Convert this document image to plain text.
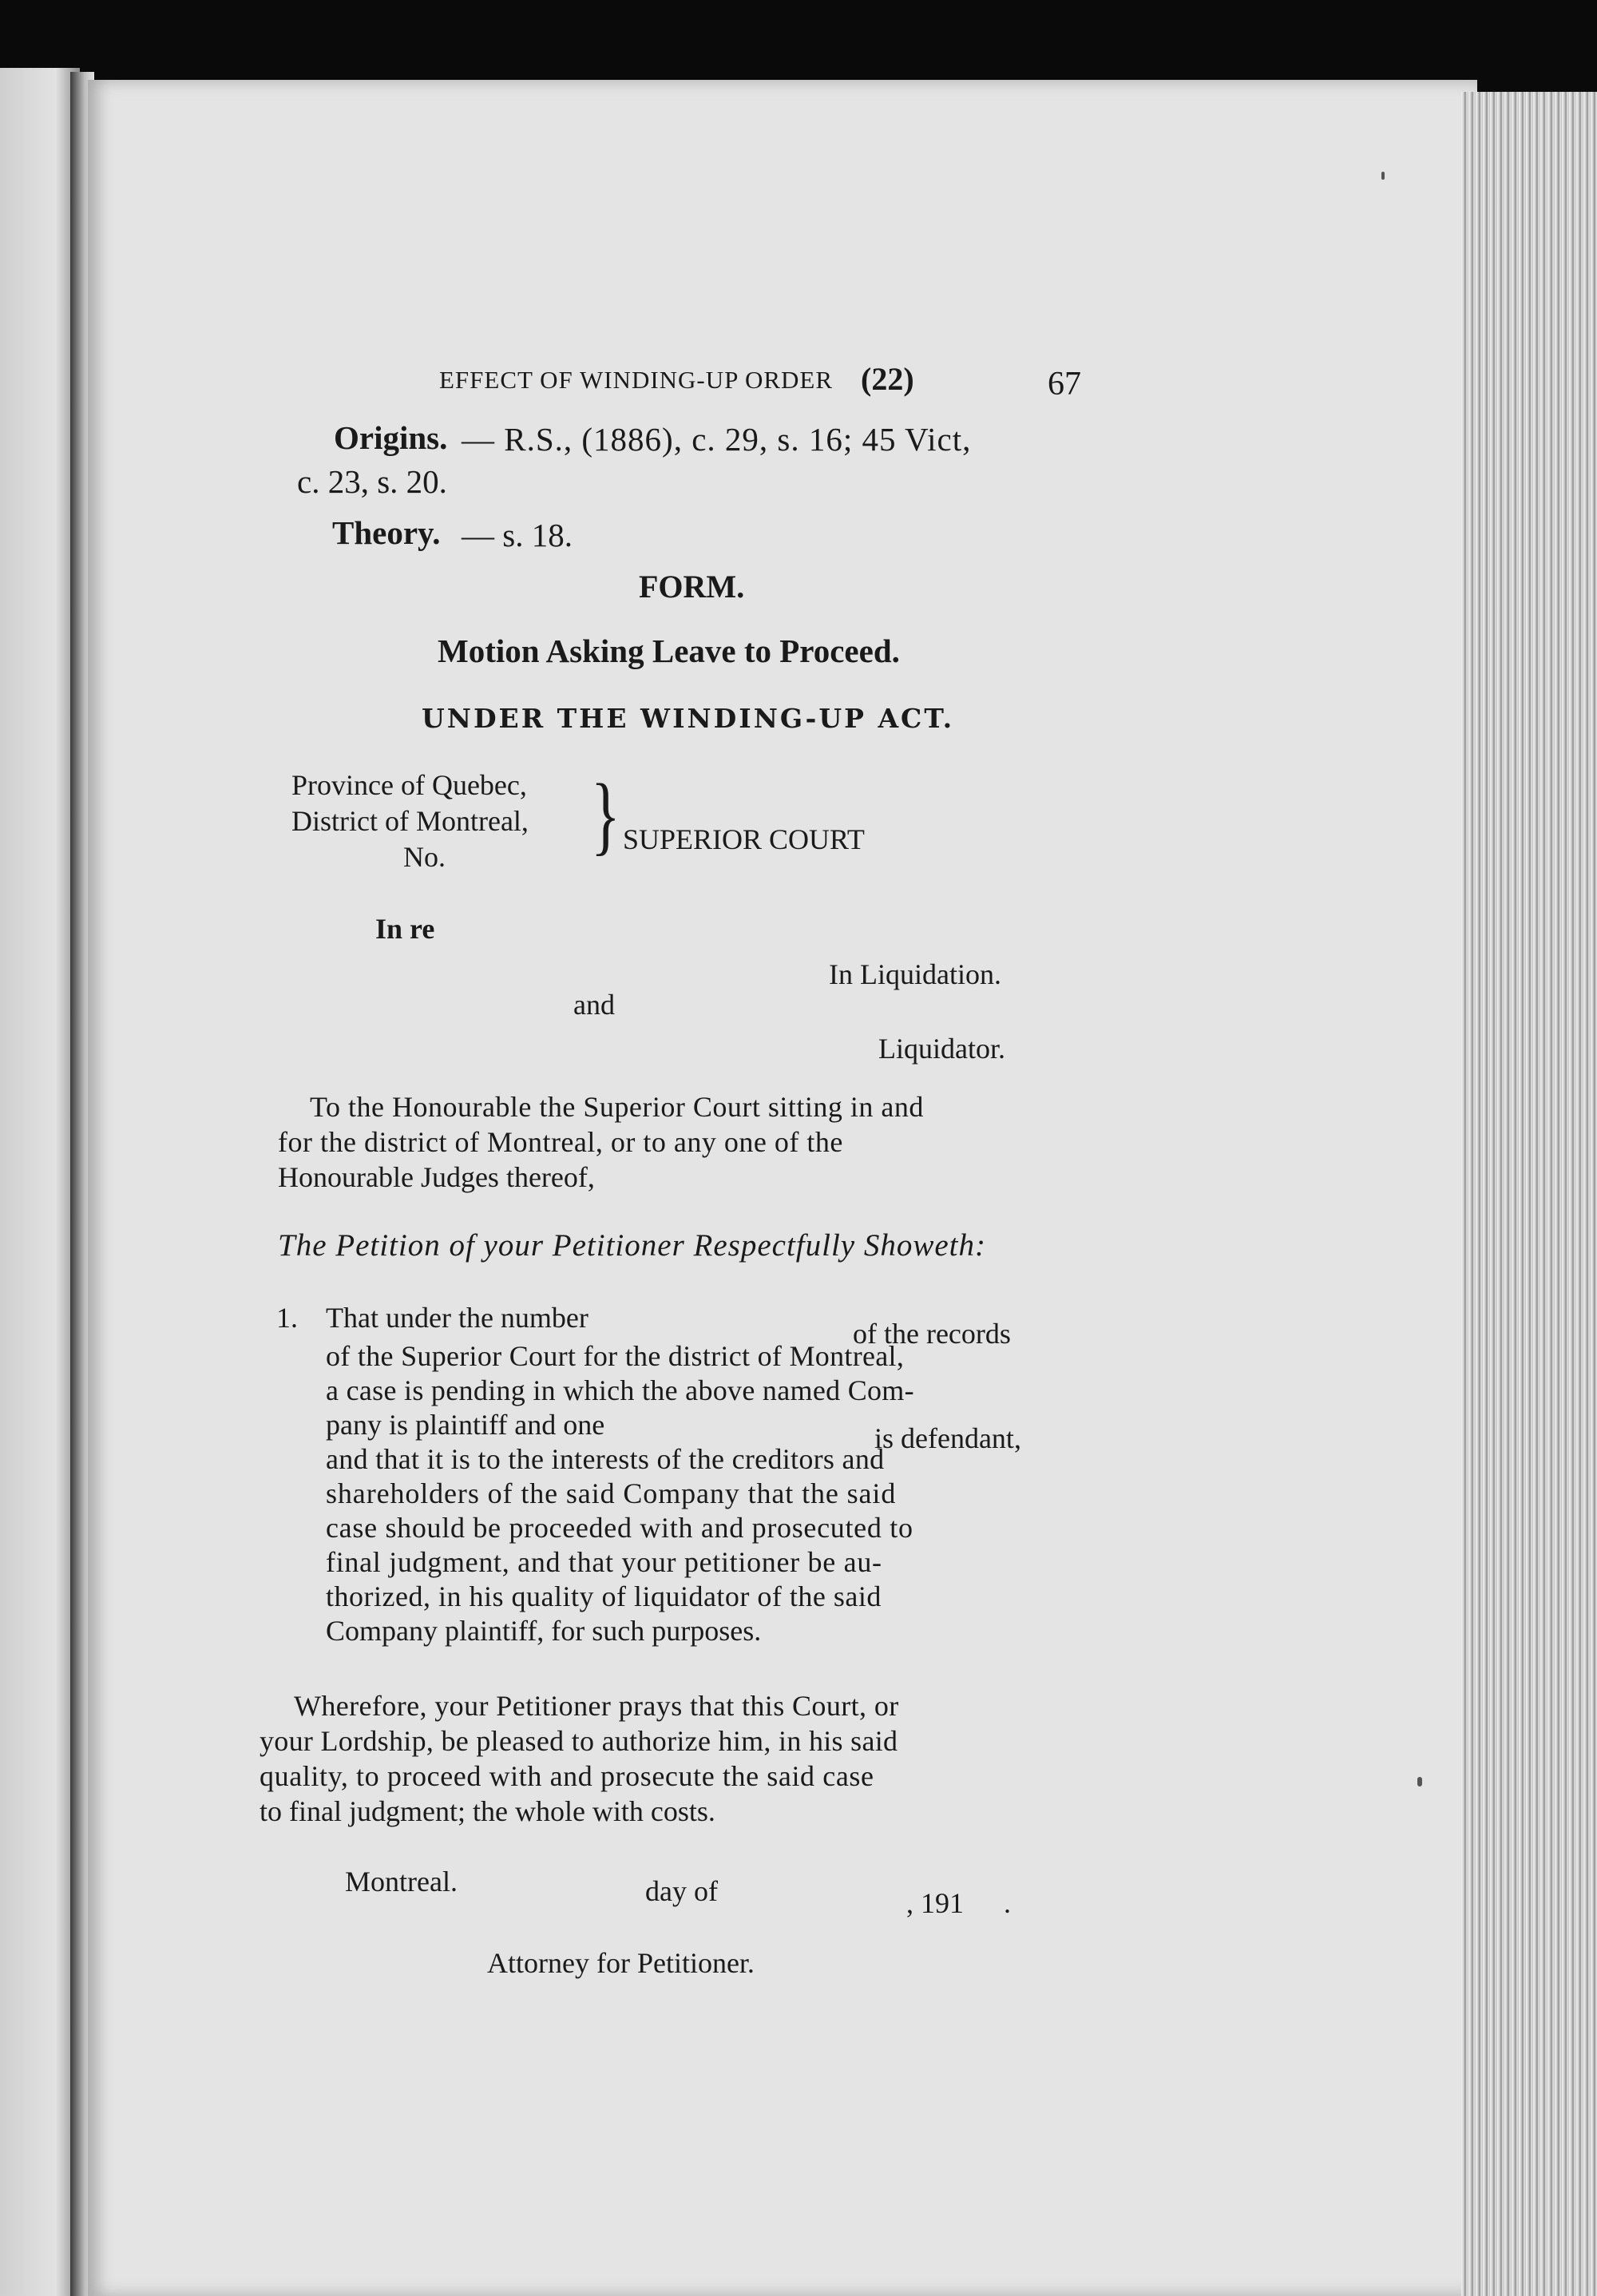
EFFECT OF WINDING-UP ORDER (22)	67
Origins. — R.S., (1886), c. 29, s. 16; 45 Vict,
c. 23, s. 20.
Theory. — s. 18.
FORM.
Motion Asking Leave to Proceed.
UNDER THE WINDING-UP ACT.
Province of Quebec,
District of Montreal,
No. } SUPERIOR COURT
In re
In Liquidation.
and
Liquidator.
To the Honourable the Superior Court sitting in and
for the district of Montreal, or to any one of the
Honourable Judges thereof,
The Petition of your Petitioner Respectfully Showeth:
1. That under the number	of the records
of the Superior Court for the district of Montreal,
a case is pending in which the above named Com-
pany is plaintiff and one	is defendant,
and that it is to the interests of the creditors and
shareholders of the said Company that the said
case should be proceeded with and prosecuted to
final judgment, and that your petitioner be au-
thorized, in his quality of liquidator of the said
Company plaintiff, for such purposes.
Wherefore, your Petitioner prays that this Court, or
your Lordship, be pleased to authorize him, in his said
quality, to proceed with and prosecute the said case
to final judgment; the whole with costs.
Montreal.	day of	, 191 .
Attorney for Petitioner.
